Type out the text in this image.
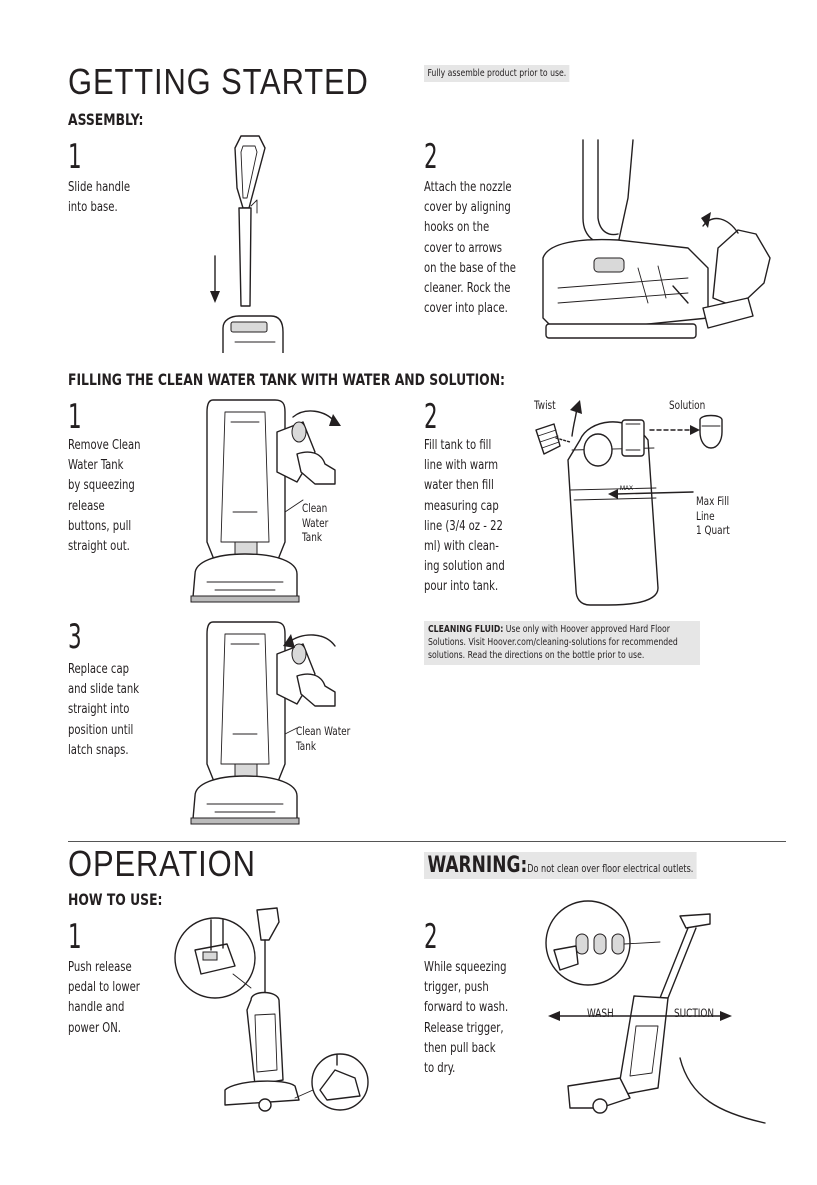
GETTING STARTED	Fully assemble product prior to use.
ASSEMBLY:
1
Slide handle
into base.
2
Attach the nozzle
cover by aligning
hooks on the
cover to arrows
on the base of the
cleaner. Rock the
cover into place.
FILLING THE CLEAN WATER TANK WITH WATER AND SOLUTION:
1
Remove Clean
Water Tank
by squeezing
release
buttons, pull
straight out.
Clean
Water
Tank
2
Fill tank to fill
line with warm
water then fill
measuring cap
line (3/4 oz - 22
ml) with clean-
ing solution and
pour into tank.
Twist	Solution
MAX
Max Fill
Line
1 Quart
3
Replace cap
and slide tank
straight into
position until
latch snaps.
Clean Water
Tank
CLEANING FLUID: Use only with Hoover approved Hard Floor
Solutions. Visit Hoover.com/cleaning-solutions for recommended
solutions. Read the directions on the bottle prior to use.
OPERATION	WARNING:Do not clean over floor electrical outlets.
HOW TO USE:
1
Push release
pedal to lower
handle and
power ON.
2
While squeezing
trigger, push
forward to wash.
Release trigger,
then pull back
to dry.
WASH	SUCTION
